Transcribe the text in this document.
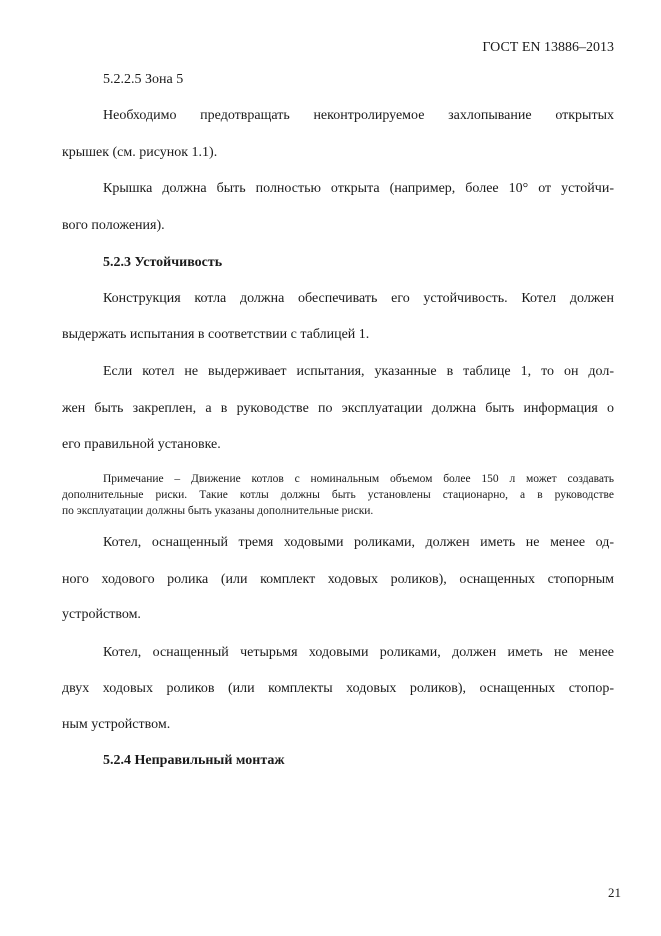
ГОСТ EN 13886–2013
5.2.2.5 Зона 5
Необходимо предотвращать неконтролируемое захлопывание открытых
крышек (см. рисунок 1.1).
Крышка должна быть полностью открыта (например, более 10° от устойчи-
вого положения).
5.2.3 Устойчивость
Конструкция котла должна обеспечивать его устойчивость. Котел должен
выдержать испытания в соответствии с таблицей 1.
Если котел не выдерживает испытания, указанные в таблице 1, то он дол-
жен быть закреплен, а в руководстве по эксплуатации должна быть информация о
его правильной установке.
Примечание – Движение котлов с номинальным объемом более 150 л может создавать
дополнительные риски. Такие котлы должны быть установлены стационарно, а в руководстве
по эксплуатации должны быть указаны дополнительные риски.
Котел, оснащенный тремя ходовыми роликами, должен иметь не менее од-
ного ходового ролика (или комплект ходовых роликов), оснащенных стопорным
устройством.
Котел, оснащенный четырьмя ходовыми роликами, должен иметь не менее
двух ходовых роликов (или комплекты ходовых роликов), оснащенных стопор-
ным устройством.
5.2.4 Неправильный монтаж
21
